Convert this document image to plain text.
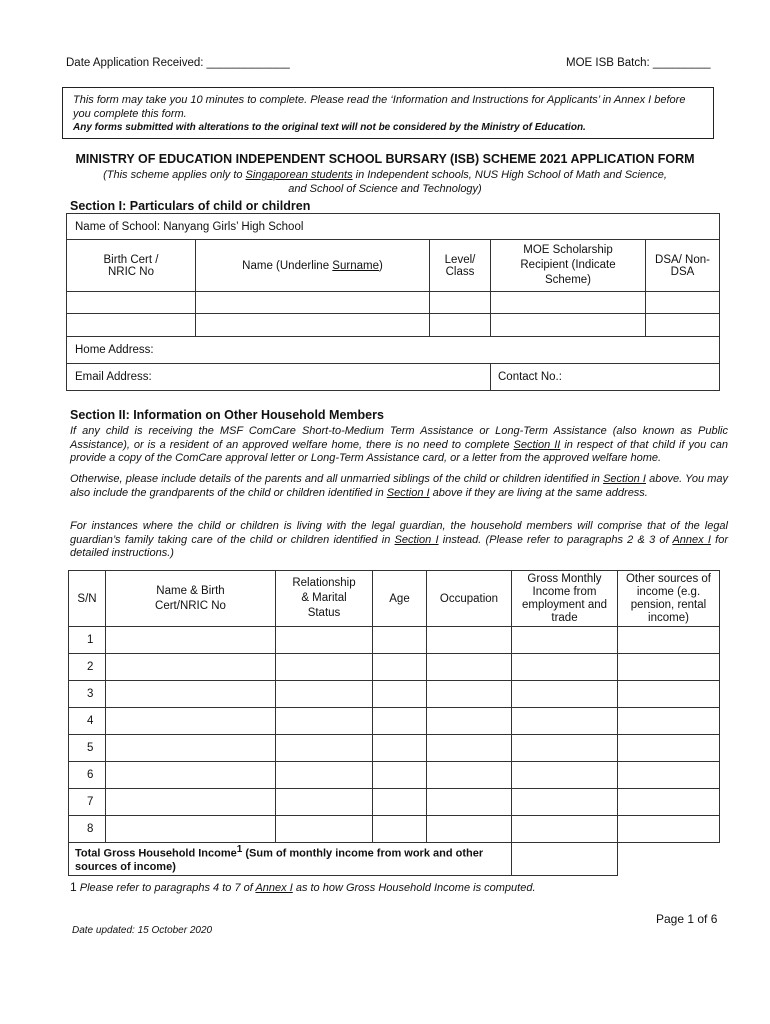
Date Application Received: _____________	MOE ISB Batch: _________
This form may take you 10 minutes to complete. Please read the ‘Information and Instructions for Applicants’ in Annex I before you complete this form.
Any forms submitted with alterations to the original text will not be considered by the Ministry of Education.
MINISTRY OF EDUCATION INDEPENDENT SCHOOL BURSARY (ISB) SCHEME 2021 APPLICATION FORM
(This scheme applies only to Singaporean students in Independent schools, NUS High School of Math and Science,
and School of Science and Technology)
Section I: Particulars of child or children
Name of School: Nanyang Girls’ High School				

Birth Cert / NRIC No	Name (Underline Surname)	Level/ Class	MOE Scholarship Recipient (Indicate Scheme)	DSA/ Non-DSA

Home Address:				
Email Address:			Contact No.:	
Section II: Information on Other Household Members
If any child is receiving the MSF ComCare Short-to-Medium Term Assistance or Long-Term Assistance (also known as Public Assistance), or is a resident of an approved welfare home, there is no need to complete Section II in respect of that child if you can provide a copy of the ComCare approval letter or Long-Term Assistance card, or a letter from the approved welfare home.
Otherwise, please include details of the parents and all unmarried siblings of the child or children identified in Section I above. You may also include the grandparents of the child or children identified in Section I above if they are living at the same address.
For instances where the child or children is living with the legal guardian, the household members will comprise that of the legal guardian’s family taking care of the child or children identified in Section I instead. (Please refer to paragraphs 2 & 3 of Annex I for detailed instructions.)
S/N	Name & Birth Cert/NRIC No	Relationship & Marital Status	Age	Occupation	Gross Monthly Income from employment and trade	Other sources of income (e.g. pension, rental income)

1						
2						
3						
4						
5						
6						
7						
8						
Total Gross Household Income$^1$ (Sum of monthly income from work and other sources of income)						
1 Please refer to paragraphs 4 to 7 of Annex I as to how Gross Household Income is computed.
Page 1 of 6
Date updated: 15 October 2020
